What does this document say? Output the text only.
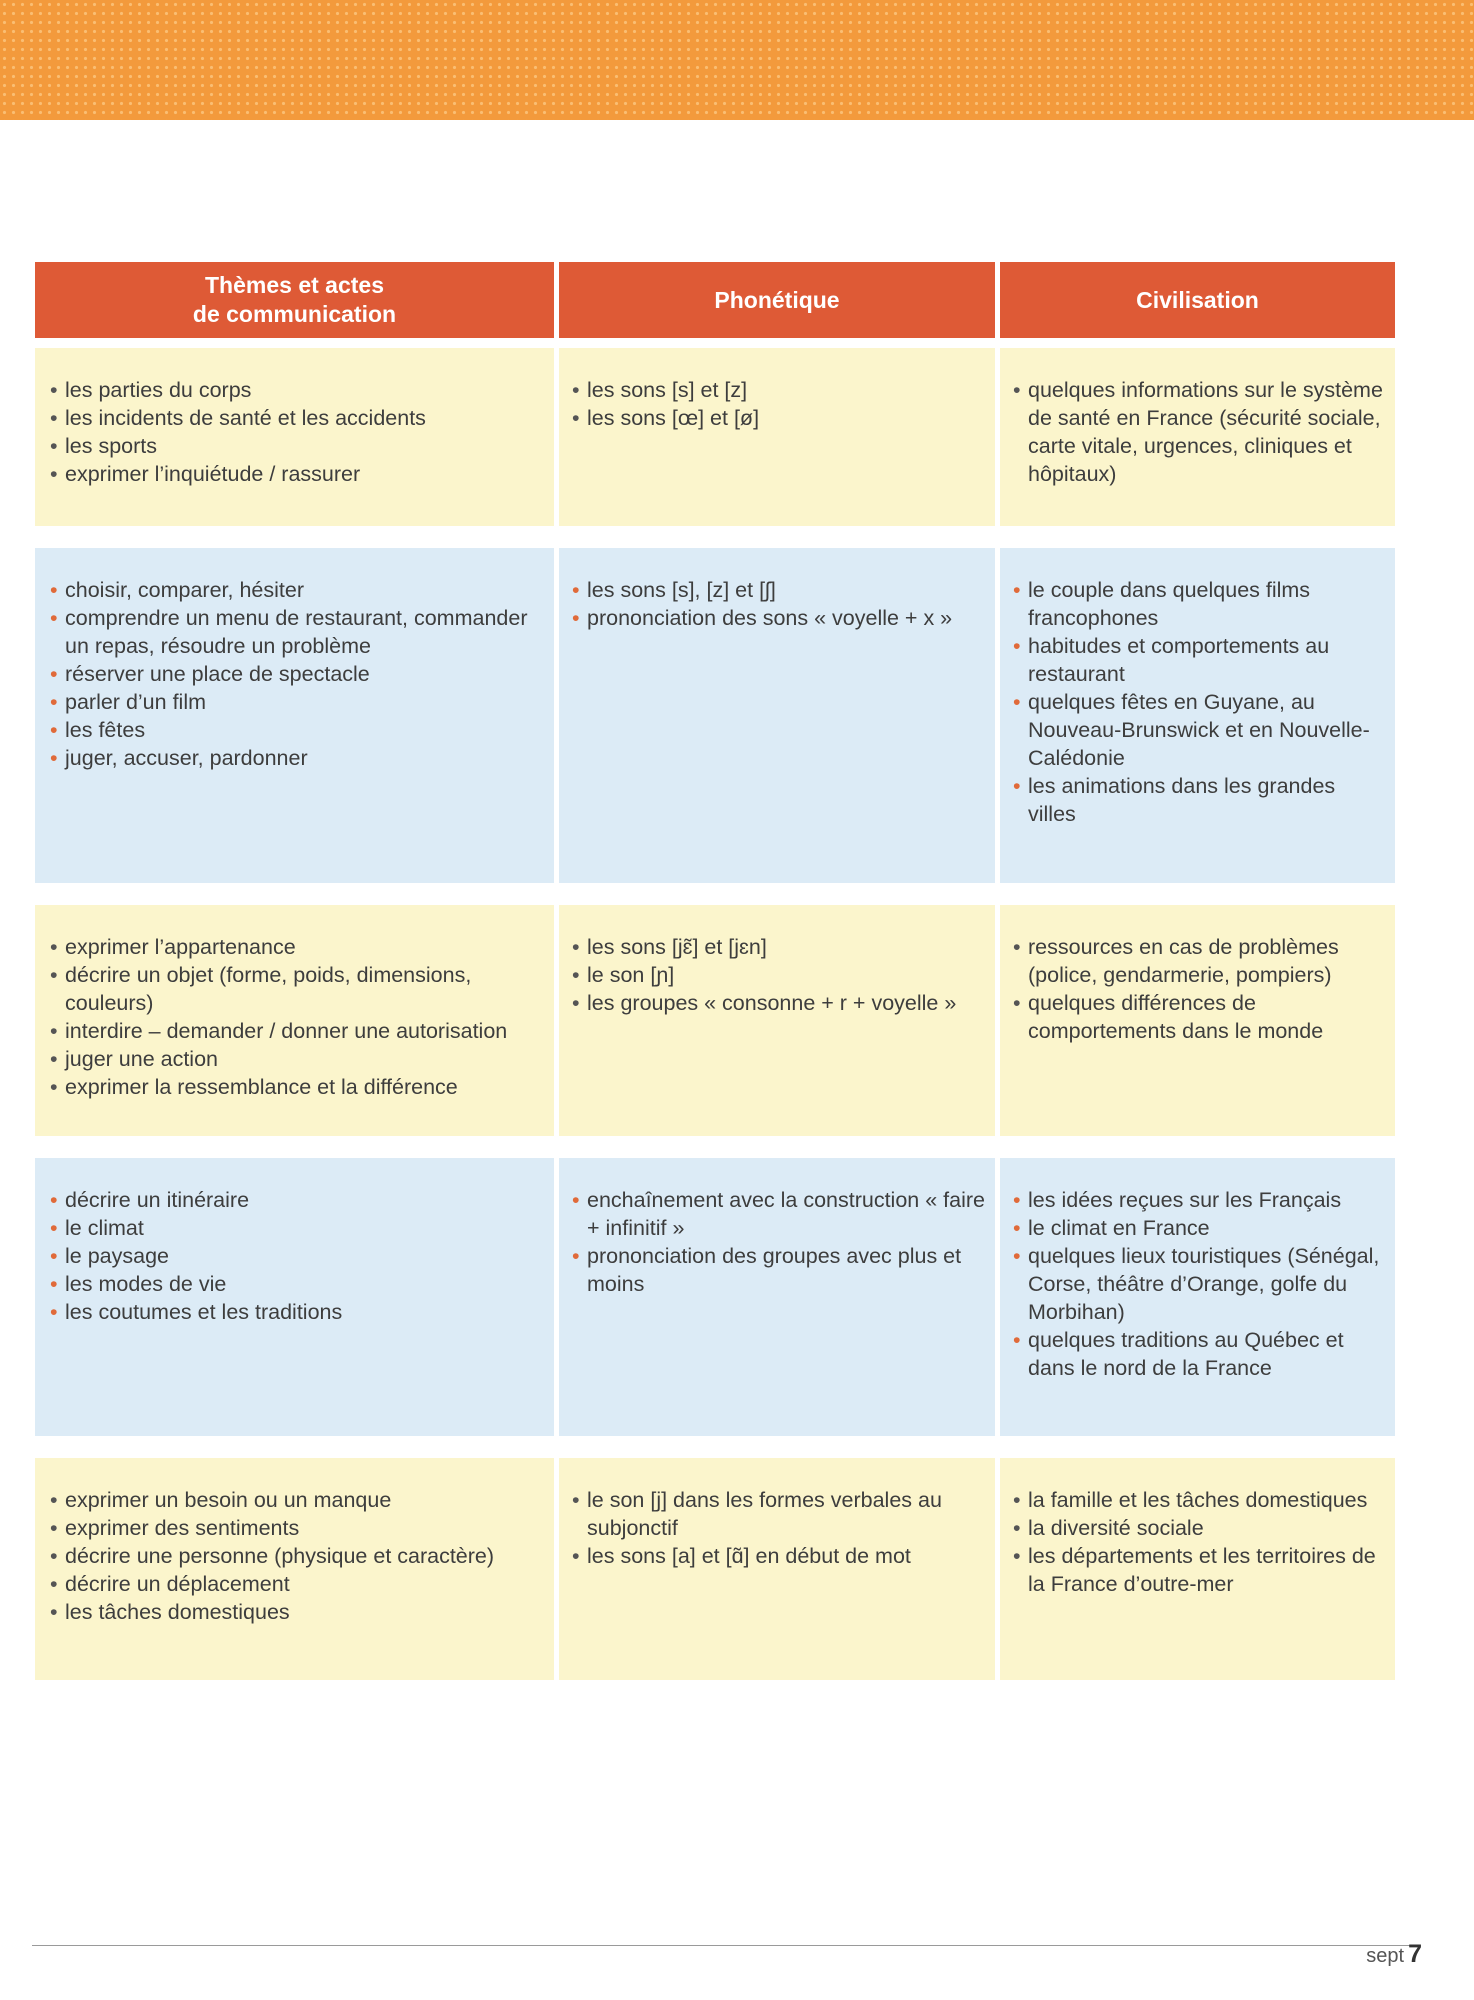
Thèmes et actes
de communication
Phonétique	Civilisation
• les parties du corps
• les incidents de santé et les accidents
• les sports
• exprimer l’inquiétude / rassurer
• les sons [s] et [z]
• les sons [œ] et [ø]
• quelques informations sur le système de santé en France (sécurité sociale, carte vitale, urgences, cliniques et hôpitaux)
• choisir, comparer, hésiter
• comprendre un menu de restaurant, commander un repas, résoudre un problème
• réserver une place de spectacle
• parler d’un film
• les fêtes
• juger, accuser, pardonner
• les sons [s], [z] et [ʃ]
• prononciation des sons « voyelle + x »
• le couple dans quelques films francophones
• habitudes et comportements au restaurant
• quelques fêtes en Guyane, au Nouveau-Brunswick et en Nouvelle-Calédonie
• les animations dans les grandes villes
• exprimer l’appartenance
• décrire un objet (forme, poids, dimensions, couleurs)
• interdire – demander / donner une autorisation
• juger une action
• exprimer la ressemblance et la différence
• les sons [jɛ̃] et [jɛn]
• le son [ɲ]
• les groupes « consonne + r + voyelle »
• ressources en cas de problèmes (police, gendarmerie, pompiers)
• quelques différences de comportements dans le monde
• décrire un itinéraire
• le climat
• le paysage
• les modes de vie
• les coutumes et les traditions
• enchaînement avec la construction « faire + infinitif »
• prononciation des groupes avec plus et moins
• les idées reçues sur les Français
• le climat en France
• quelques lieux touristiques (Sénégal, Corse, théâtre d’Orange, golfe du Morbihan)
• quelques traditions au Québec et dans le nord de la France
• exprimer un besoin ou un manque
• exprimer des sentiments
• décrire une personne (physique et caractère)
• décrire un déplacement
• les tâches domestiques
• le son [j] dans les formes verbales au subjonctif
• les sons [a] et [ɑ̃] en début de mot
• la famille et les tâches domestiques
• la diversité sociale
• les départements et les territoires de la France d’outre-mer
sept 7
